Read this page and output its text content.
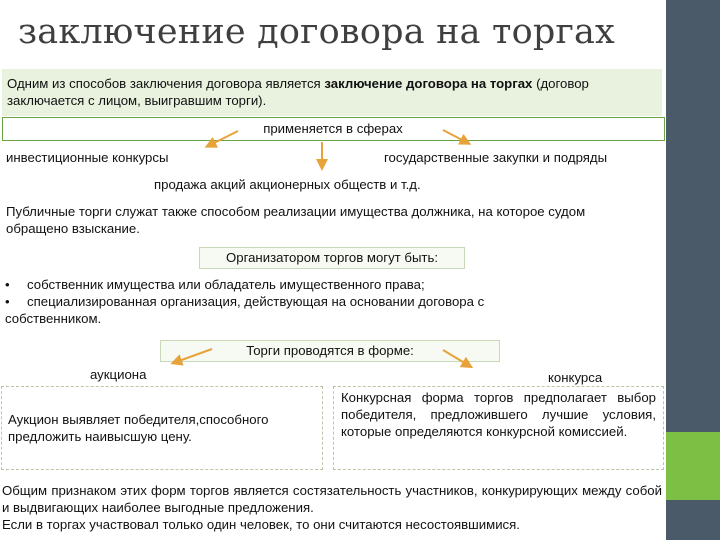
заключение договора на торгах
Одним из способов заключения договора является заключение договора на торгах (договор заключается с лицом, выигравшим торги).
применяется в сферах
инвестиционные конкурсы	государственные закупки и подряды
продажа акций акционерных обществ и т.д.
Публичные торги служат также способом реализации имущества должника, на которое судом обращено взыскание.
Организатором торгов могут быть:
• собственник имущества или обладатель имущественного права;
•	специализированная организация, действующая на основании договора с собственником.
Торги проводятся в форме:
аукциона	конкурса
Аукцион выявляет победителя,способного предложить наивысшую цену.
Конкурсная форма торгов предполагает выбор победителя, предложившего лучшие условия, которые определяются конкурсной комиссией.
Общим признаком этих форм торгов является состязательность участников, конкурирующих между собой и выдвигающих наиболее выгодные предложения.
Если в торгах участвовал только один человек, то они считаются несостоявшимися.
